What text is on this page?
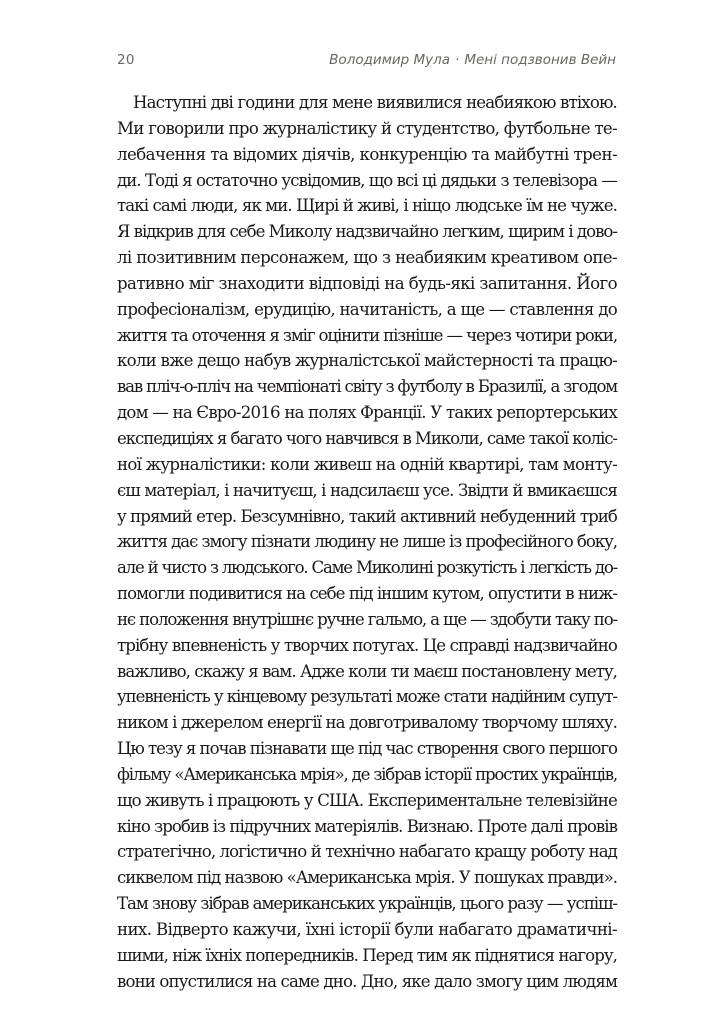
20	Володимир Мула · Мені подзвонив Вейн
Наступні дві години для мене виявилися неабиякою втіхою.
Ми говорили про журналістику й студентство, футбольне те-
лебачення та відомих діячів, конкуренцію та майбутні трен-
ди. Тоді я остаточно усвідомив, що всі ці дядьки з телевізора —
такі самі люди, як ми. Щирі й живі, і ніщо людське їм не чуже.
Я відкрив для себе Миколу надзвичайно легким, щирим і дово-
лі позитивним персонажем, що з неабияким креативом опе-
ративно міг знаходити відповіді на будь-які запитання. Його
професіоналізм, ерудицію, начитаність, а ще — ставлення до
життя та оточення я зміг оцінити пізніше — через чотири роки,
коли вже дещо набув журналістської майстерності та працю-
вав пліч-о-пліч на чемпіонаті світу з футболу в Бразилії, а згодом
дом — на Євро-2016 на полях Франції. У таких репортерських
експедиціях я багато чого навчився в Миколи, саме такої коліс-
ної журналістики: коли живеш на одній квартирі, там монту-
єш матеріал, і начитуєш, і надсилаєш усе. Звідти й вмикаєшся
у прямий етер. Безсумнівно, такий активний небуденний триб
життя дає змогу пізнати людину не лише із професійного боку,
але й чисто з людського. Саме Миколині розкутість і легкість до-
помогли подивитися на себе під іншим кутом, опустити в ниж-
нє положення внутрішнє ручне гальмо, а ще — здобути таку по-
трібну впевненість у творчих потугах. Це справді надзвичайно
важливо, скажу я вам. Адже коли ти маєш постановлену мету,
упевненість у кінцевому результаті може стати надійним супут-
ником і джерелом енергії на довготривалому творчому шляху.
Цю тезу я почав пізнавати ще під час створення свого першого
фільму «Американська мрія», де зібрав історії простих українців,
що живуть і працюють у США. Експериментальне телевізійне
кіно зробив із підручних матеріялів. Визнаю. Проте далі провів
стратегічно, логістично й технічно набагато кращу роботу над
сиквелом під назвою «Американська мрія. У пошуках правди».
Там знову зібрав американських українців, цього разу — успіш-
них. Відверто кажучи, їхні історії були набагато драматичні-
шими, ніж їхніх попередників. Перед тим як піднятися нагору,
вони опустилися на саме дно. Дно, яке дало змогу цим людям
